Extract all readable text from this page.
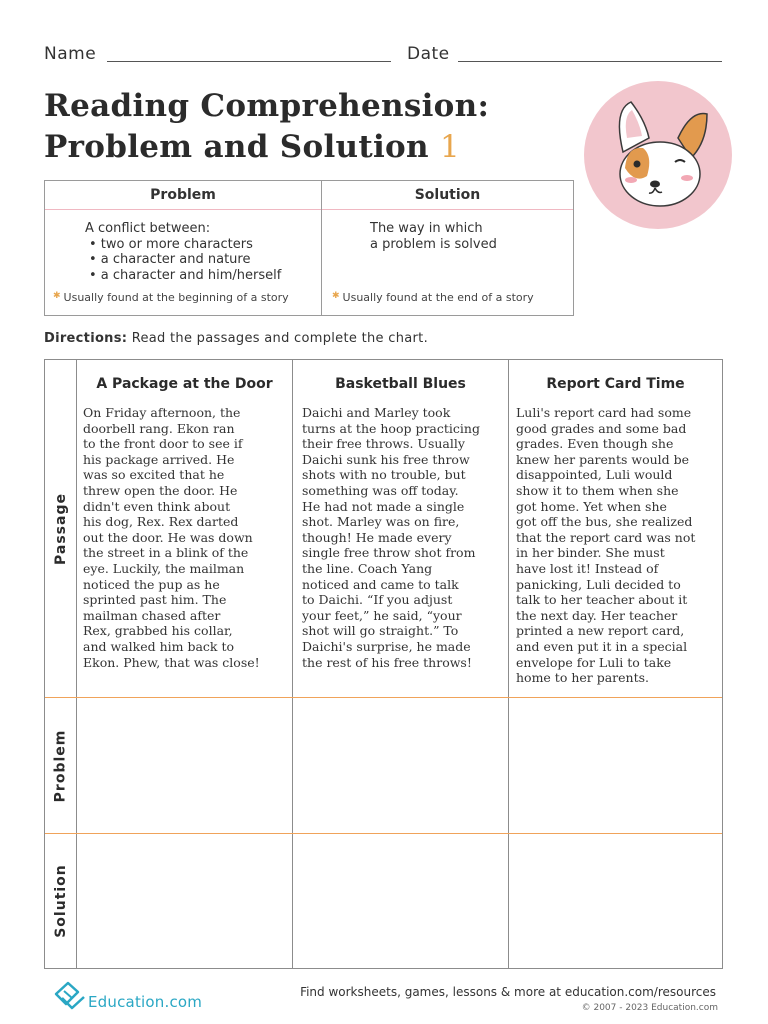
Name	Date
Reading Comprehension:
Problem and Solution 1
Problem
A conflict between:
• two or more characters
• a character and nature
• a character and him/herself
✱ Usually found at the beginning of a story
Solution
The way in which
a problem is solved
✱ Usually found at the end of a story
Directions: Read the passages and complete the chart.
Passage
Problem
Solution
A Package at the Door
On Friday afternoon, the
doorbell rang. Ekon ran
to the front door to see if
his package arrived. He
was so excited that he
threw open the door. He
didn't even think about
his dog, Rex. Rex darted
out the door. He was down
the street in a blink of the
eye. Luckily, the mailman
noticed the pup as he
sprinted past him. The
mailman chased after
Rex, grabbed his collar,
and walked him back to
Ekon. Phew, that was close!
Basketball Blues
Daichi and Marley took
turns at the hoop practicing
their free throws. Usually
Daichi sunk his free throw
shots with no trouble, but
something was off today.
He had not made a single
shot. Marley was on fire,
though! He made every
single free throw shot from
the line. Coach Yang
noticed and came to talk
to Daichi. “If you adjust
your feet,” he said, “your
shot will go straight.” To
Daichi's surprise, he made
the rest of his free throws!
Report Card Time
Luli's report card had some
good grades and some bad
grades. Even though she
knew her parents would be
disappointed, Luli would
show it to them when she
got home. Yet when she
got off the bus, she realized
that the report card was not
in her binder. She must
have lost it! Instead of
panicking, Luli decided to
talk to her teacher about it
the next day. Her teacher
printed a new report card,
and even put it in a special
envelope for Luli to take
home to her parents.
Education.com
Find worksheets, games, lessons & more at education.com/resources
© 2007 - 2023 Education.com
